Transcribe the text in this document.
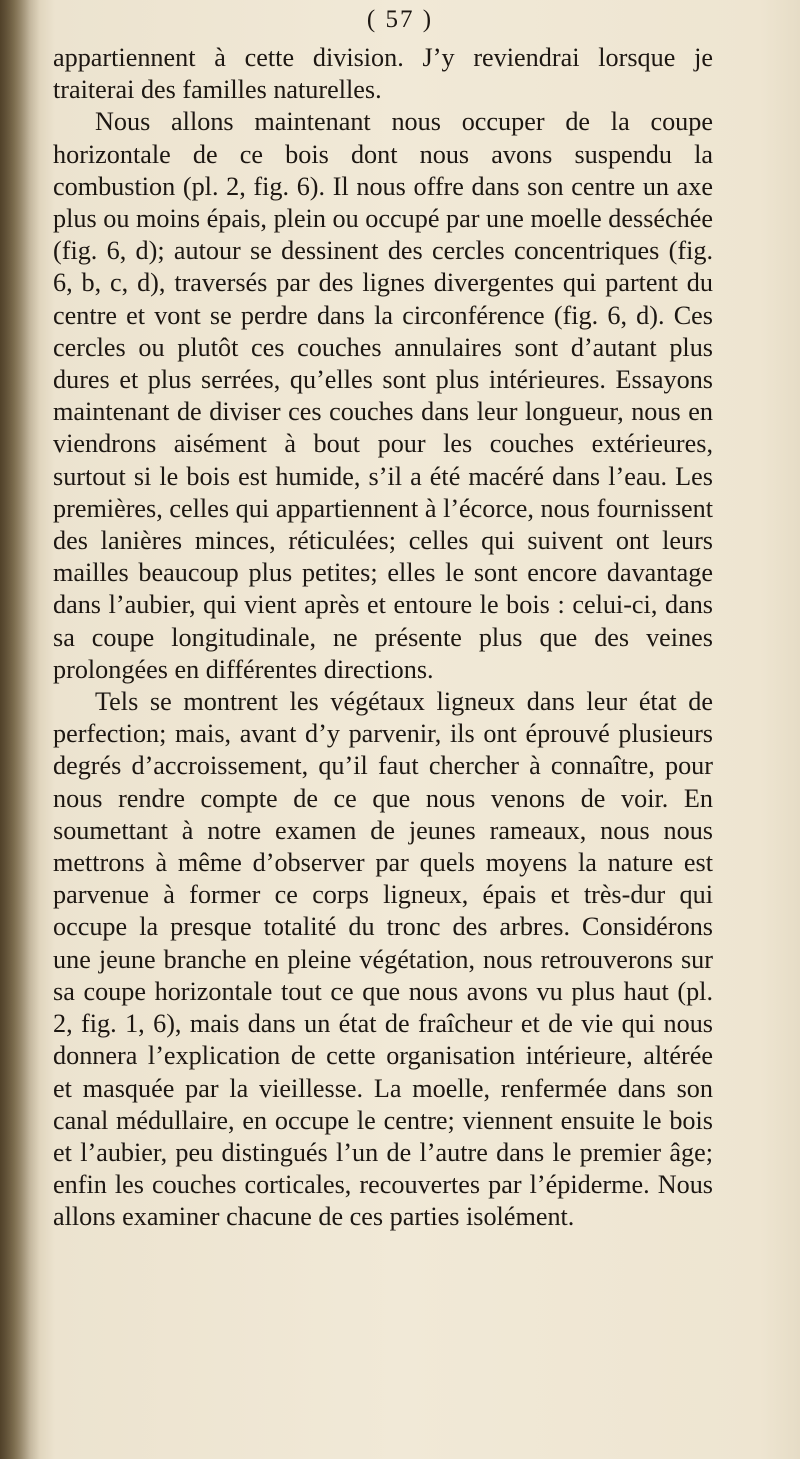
( 57 )

appartiennent à cette division. J’y reviendrai lorsque je traiterai des familles naturelles.

Nous allons maintenant nous occuper de la coupe horizontale de ce bois dont nous avons suspendu la combustion (pl. 2, fig. 6). Il nous offre dans son centre un axe plus ou moins épais, plein ou occupé par une moelle desséchée (fig. 6, d); autour se dessinent des cercles concentriques (fig. 6, b, c, d), traversés par des lignes divergentes qui partent du centre et vont se perdre dans la circonférence (fig. 6, d). Ces cercles ou plutôt ces couches annulaires sont d’autant plus dures et plus serrées, qu’elles sont plus intérieures. Essayons maintenant de diviser ces couches dans leur longueur, nous en viendrons aisément à bout pour les couches extérieures, surtout si le bois est humide, s’il a été macéré dans l’eau. Les premières, celles qui appartiennent à l’écorce, nous fournissent des lanières minces, réticulées; celles qui suivent ont leurs mailles beaucoup plus petites; elles le sont encore davantage dans l’aubier, qui vient après et entoure le bois : celui-ci, dans sa coupe longitudinale, ne présente plus que des veines prolongées en différentes directions.

Tels se montrent les végétaux ligneux dans leur état de perfection; mais, avant d’y parvenir, ils ont éprouvé plusieurs degrés d’accroissement, qu’il faut chercher à connaître, pour nous rendre compte de ce que nous venons de voir. En soumettant à notre examen de jeunes rameaux, nous nous mettrons à même d’observer par quels moyens la nature est parvenue à former ce corps ligneux, épais et très-dur qui occupe la presque totalité du tronc des arbres. Considérons une jeune branche en pleine végétation, nous retrouverons sur sa coupe horizontale tout ce que nous avons vu plus haut (pl. 2, fig. 1, 6), mais dans un état de fraîcheur et de vie qui nous donnera l’explication de cette organisation intérieure, altérée et masquée par la vieillesse. La moelle, renfermée dans son canal médullaire, en occupe le centre; viennent ensuite le bois et l’aubier, peu distingués l’un de l’autre dans le premier âge; enfin les couches corticales, recouvertes par l’épiderme. Nous allons examiner chacune de ces parties isolément.
